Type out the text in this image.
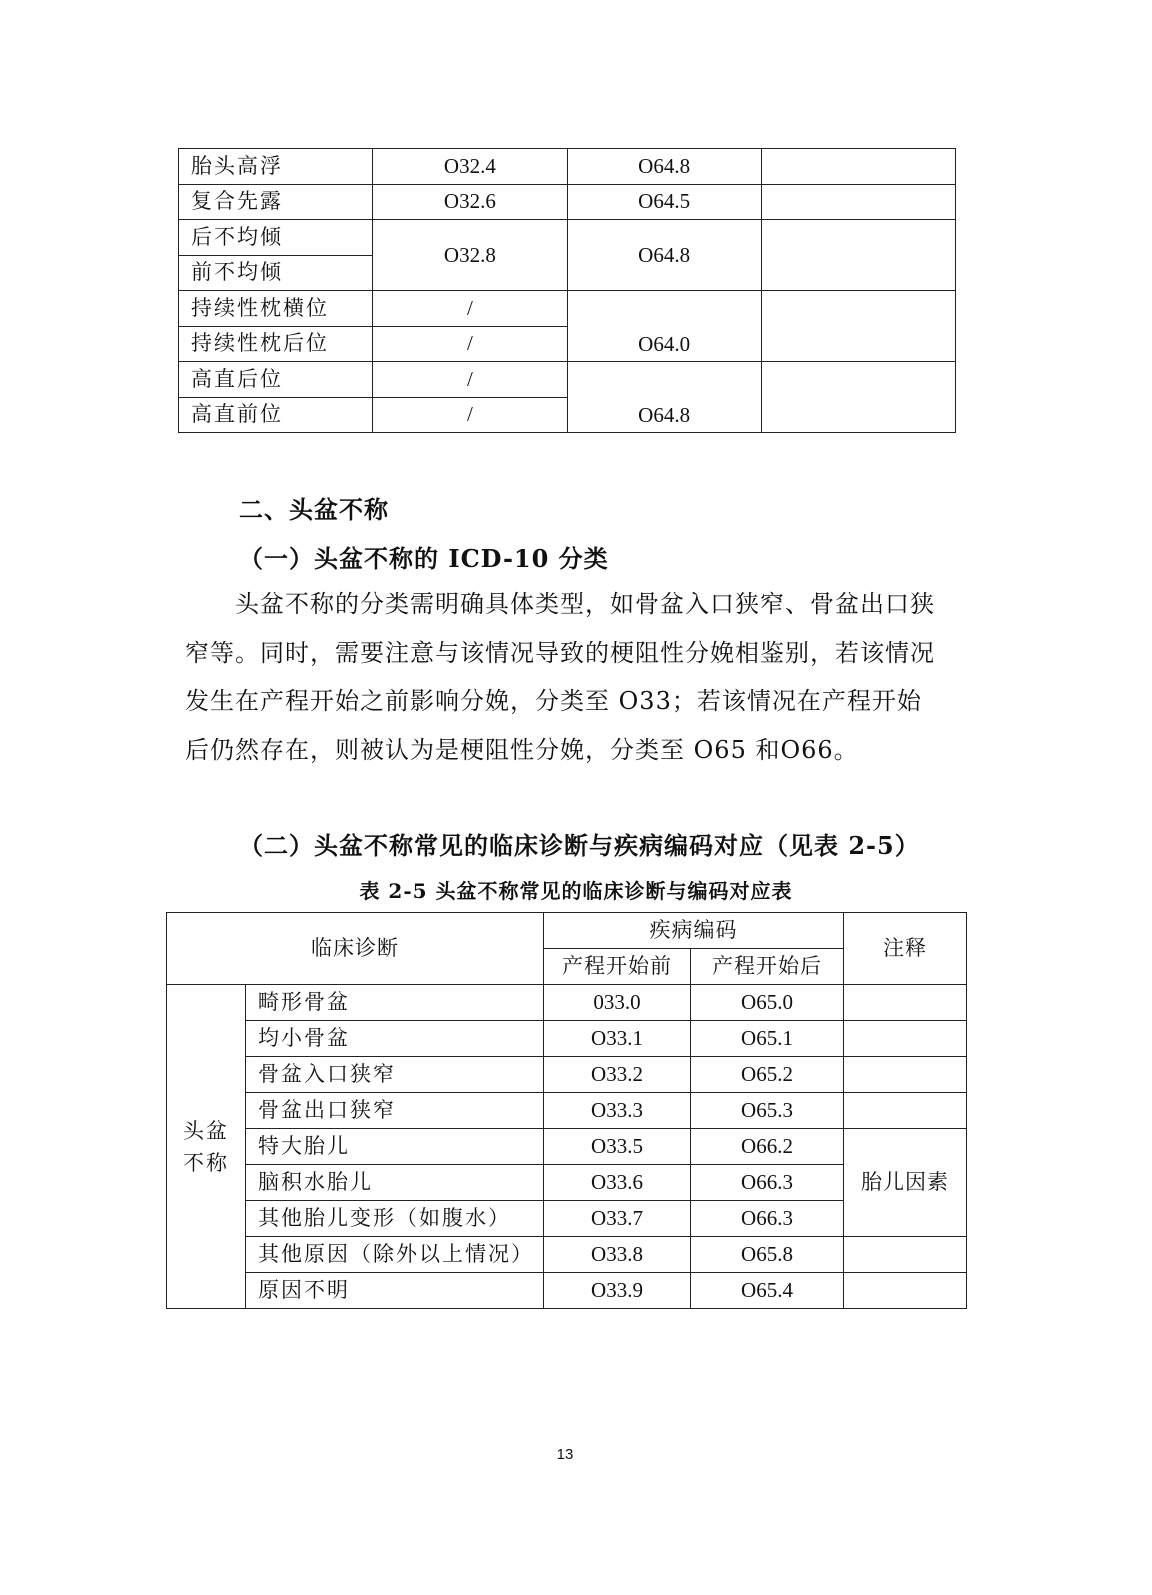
胎头高浮	O32.4	O64.8	
复合先露	O32.6	O64.5	
后不均倾	O32.8	O64.8	
前不均倾			
持续性枕横位	/	O64.0	
持续性枕后位	/		
高直后位	/	O64.8	
高直前位	/		
二、头盆不称
（一）头盆不称的 ICD-10 分类

头盆不称的分类需明确具体类型，如骨盆入口狭窄、骨盆出口狭窄等。同时，需要注意与该情况导致的梗阻性分娩相鉴别，若该情况发生在产程开始之前影响分娩，分类至 O33；若该情况在产程开始后仍然存在，则被认为是梗阻性分娩，分类至 O65 和O66。

（二）头盆不称常见的临床诊断与疾病编码对应（见表 2-5）
表 2-5 头盆不称常见的临床诊断与编码对应表
临床诊断		疾病编码		注释
		产程开始前	产程开始后	
头盆
不称	畸形骨盆	033.0	O65.0	
	均小骨盆	O33.1	O65.1	
	骨盆入口狭窄	O33.2	O65.2	
	骨盆出口狭窄	O33.3	O65.3	
	特大胎儿	O33.5	O66.2	胎儿因素
	脑积水胎儿	O33.6	O66.3	
	其他胎儿变形（如腹水）	O33.7	O66.3	
	其他原因（除外以上情况）	O33.8	O65.8	
	原因不明	O33.9	O65.4	
13
